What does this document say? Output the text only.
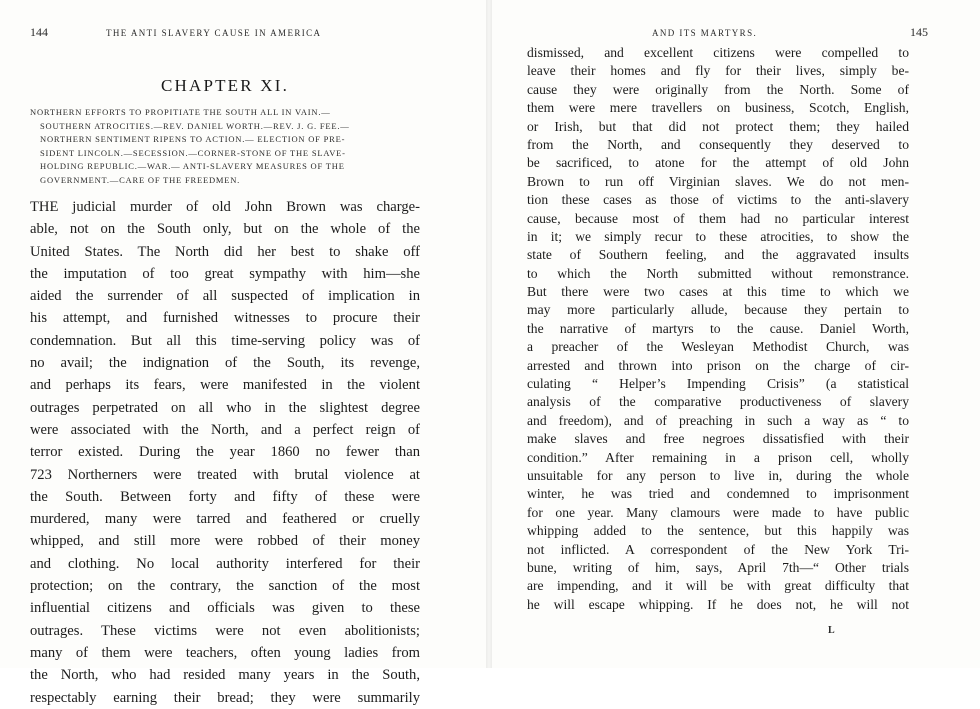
144	THE ANTI SLAVERY CAUSE IN AMERICA
CHAPTER XI.
NORTHERN EFFORTS TO PROPITIATE THE SOUTH ALL IN VAIN.—
SOUTHERN ATROCITIES.—REV. DANIEL WORTH.—REV. J. G. FEE.—
NORTHERN SENTIMENT RIPENS TO ACTION.— ELECTION OF PRE-
SIDENT LINCOLN.—SECESSION.—CORNER-STONE OF THE SLAVE-
HOLDING REPUBLIC.—WAR.— ANTI-SLAVERY MEASURES OF THE
GOVERNMENT.—CARE OF THE FREEDMEN.
THE judicial murder of old John Brown was charge-
able, not on the South only, but on the whole of the
United States. The North did her best to shake off
the imputation of too great sympathy with him—she
aided the surrender of all suspected of implication in
his attempt, and furnished witnesses to procure their
condemnation. But all this time-serving policy was of
no avail; the indignation of the South, its revenge,
and perhaps its fears, were manifested in the violent
outrages perpetrated on all who in the slightest degree
were associated with the North, and a perfect reign of
terror existed. During the year 1860 no fewer than
723 Northerners were treated with brutal violence at
the South. Between forty and fifty of these were
murdered, many were tarred and feathered or cruelly
whipped, and still more were robbed of their money
and clothing. No local authority interfered for their
protection; on the contrary, the sanction of the most
influential citizens and officials was given to these
outrages. These victims were not even abolitionists;
many of them were teachers, often young ladies from
the North, who had resided many years in the South,
respectably earning their bread; they were summarily
AND ITS MARTYRS.	145
dismissed, and excellent citizens were compelled to
leave their homes and fly for their lives, simply be-
cause they were originally from the North. Some of
them were mere travellers on business, Scotch, English,
or Irish, but that did not protect them; they hailed
from the North, and consequently they deserved to
be sacrificed, to atone for the attempt of old John
Brown to run off Virginian slaves. We do not men-
tion these cases as those of victims to the anti-slavery
cause, because most of them had no particular interest
in it; we simply recur to these atrocities, to show the
state of Southern feeling, and the aggravated insults
to which the North submitted without remonstrance.
But there were two cases at this time to which we
may more particularly allude, because they pertain to
the narrative of martyrs to the cause. Daniel Worth,
a preacher of the Wesleyan Methodist Church, was
arrested and thrown into prison on the charge of cir-
culating “ Helper’s Impending Crisis” (a statistical
analysis of the comparative productiveness of slavery
and freedom), and of preaching in such a way as “ to
make slaves and free negroes dissatisfied with their
condition.” After remaining in a prison cell, wholly
unsuitable for any person to live in, during the whole
winter, he was tried and condemned to imprisonment
for one year. Many clamours were made to have public
whipping added to the sentence, but this happily was
not inflicted. A correspondent of the New York Tri-
bune, writing of him, says, April 7th—“ Other trials
are impending, and it will be with great difficulty that
he will escape whipping. If he does not, he will not
L
